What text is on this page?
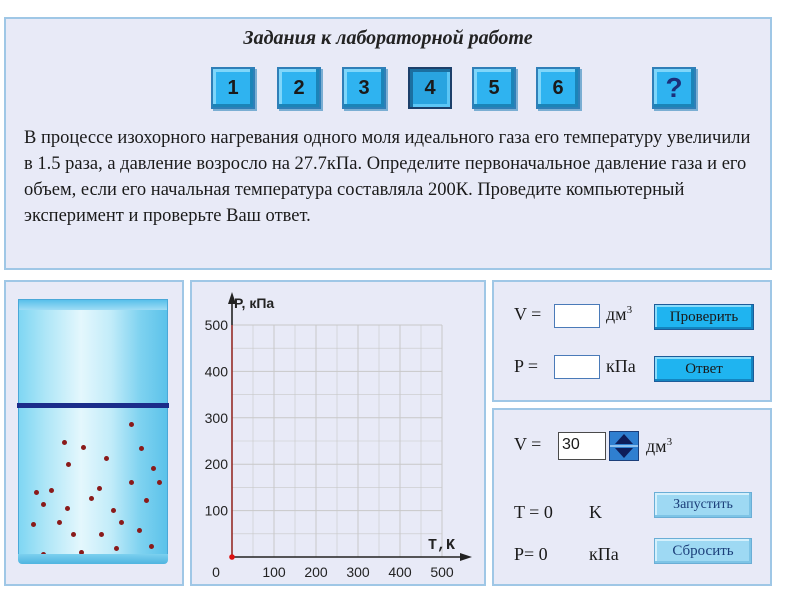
Задания к лабораторной работе
1	2	3	4	5	6	?

В процессе изохорного нагревания одного моля идеального газа его температуру увеличили в 1.5 раза, а давление возросло на 27.7кПа. Определите первоначальное давление газа и его объем, если его начальная температура составляла 200К. Проведите компьютерный эксперимент и проверьте Ваш ответ.

100
200
300
400
500
0	100 200 300 400 500
P, кПа
T,K
V =	$дм^3$	Проверить
P =	кПа	Ответ
V = 30	$дм^3$
T = 0 K	Запустить
P= 0 кПа	Сбросить
